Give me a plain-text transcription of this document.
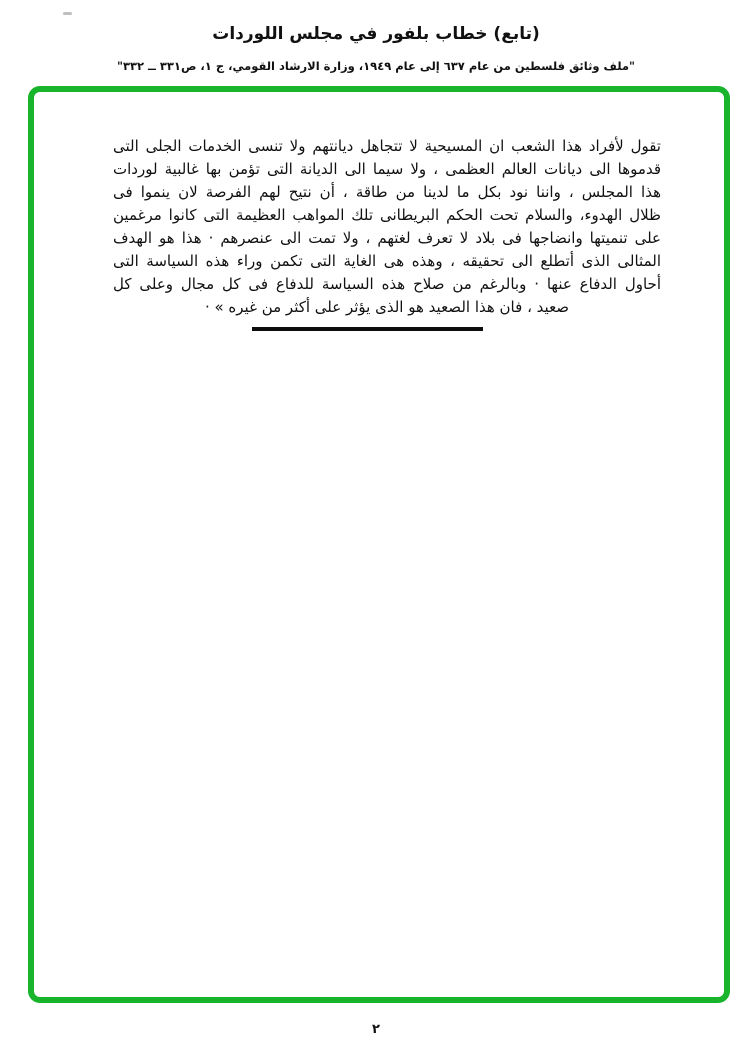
(تابع) خطاب بلفور في مجلس اللوردات
"ملف وثائق فلسطين من عام ٦٣٧ إلى عام ١٩٤٩، وزارة الارشاد القومي، ج ١، ص٣٣١ ــ ٣٣٢"

تقول لأفراد هذا الشعب ان المسيحية لا تتجاهل ديانتهم ولا تنسى الخدمات الجلى التى

قدموها الى ديانات العالم العظمى ، ولا سيما الى الديانة التى تؤمن بها غالبية لوردات

هذا المجلس ، واننا نود بكل ما لدينا من طاقة ، أن نتيح لهم الفرصة لان ينموا فى

ظلال الهدوء، والسلام تحت الحكم البريطانى تلك المواهب العظيمة التى كانوا مرغمين

على تنميتها وانضاجها فى بلاد لا تعرف لغتهم ، ولا تمت الى عنصرهم · هذا هو الهدف

المثالى الذى أتطلع الى تحقيقه ، وهذه هى الغاية التى تكمن وراء هذه السياسة التى

أحاول الدفاع عنها · وبالرغم من صلاح هذه السياسة للدفاع فى كل مجال وعلى كل

صعيد ، فان هذا الصعيد هو الذى يؤثر على أكثر من غيره » ·

٢
